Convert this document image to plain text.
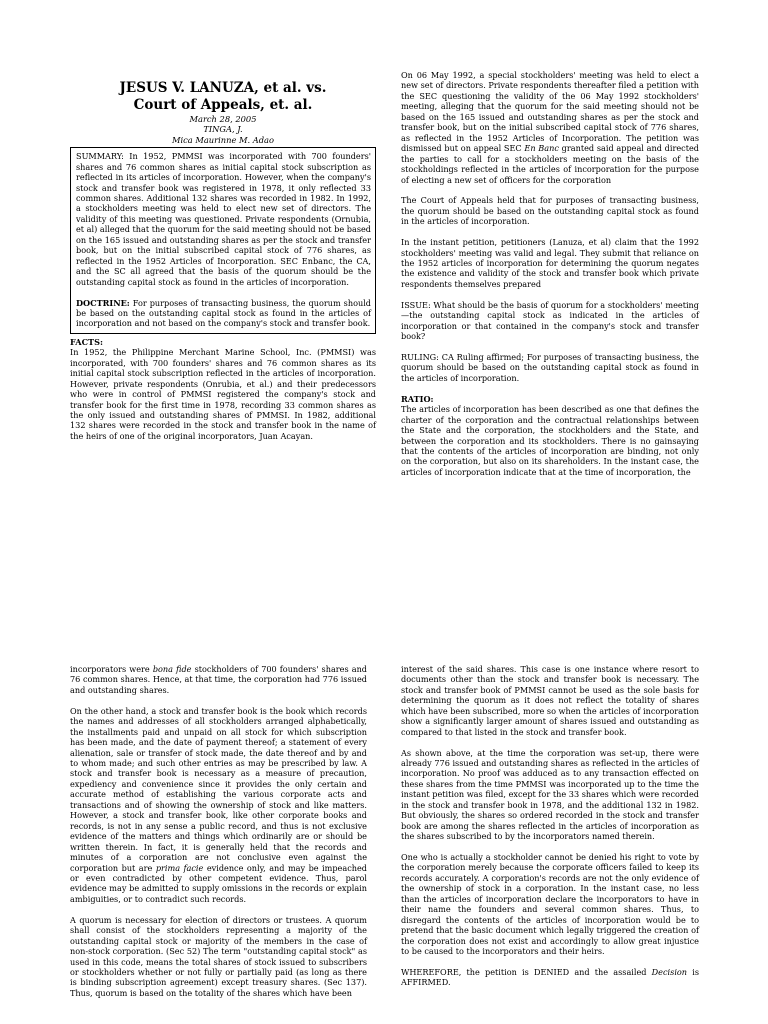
JESUS V. LANUZA, et al. vs.
Court of Appeals, et. al.
March 28, 2005
TINGA, J.
Mica Maurinne M. Adao

SUMMARY: In 1952, PMMSI was incorporated with 700 founders' shares and 76 common shares as initial capital stock subscription as reflected in its articles of incorporation. However, when the company's stock and transfer book was registered in 1978, it only reflected 33 common shares. Additional 132 shares was recorded in 1982. In 1992, a stockholders meeting was held to elect new set of directors. The validity of this meeting was questioned. Private respondents (Ornubia, et al) alleged that the quorum for the said meeting should not be based on the 165 issued and outstanding shares as per the stock and transfer book, but on the initial subscribed capital stock of 776 shares, as reflected in the 1952 Articles of Incorporation. SEC Enbanc, the CA, and the SC all agreed that the basis of the quorum should be the outstanding capital stock as found in the articles of incorporation.

DOCTRINE: For purposes of transacting business, the quorum should be based on the outstanding capital stock as found in the articles of incorporation and not based on the company's stock and transfer book.

FACTS:

In 1952, the Philippine Merchant Marine School, Inc. (PMMSI) was incorporated, with 700 founders' shares and 76 common shares as its initial capital stock subscription reflected in the articles of incorporation. However, private respondents (Onrubia, et al.) and their predecessors who were in control of PMMSI registered the company's stock and transfer book for the first time in 1978, recording 33 common shares as the only issued and outstanding shares of PMMSI. In 1982, additional 132 shares were recorded in the stock and transfer book in the name of the heirs of one of the original incorporators, Juan Acayan.

On 06 May 1992, a special stockholders' meeting was held to elect a new set of directors. Private respondents thereafter filed a petition with the SEC questioning the validity of the 06 May 1992 stockholders' meeting, alleging that the quorum for the said meeting should not be based on the 165 issued and outstanding shares as per the stock and transfer book, but on the initial subscribed capital stock of 776 shares, as reflected in the 1952 Articles of Incorporation. The petition was dismissed but on appeal SEC En Banc granted said appeal and directed the parties to call for a stockholders meeting on the basis of the stockholdings reflected in the articles of incorporation for the purpose of electing a new set of officers for the corporation

The Court of Appeals held that for purposes of transacting business, the quorum should be based on the outstanding capital stock as found in the articles of incorporation.

In the instant petition, petitioners (Lanuza, et al) claim that the 1992 stockholders' meeting was valid and legal. They submit that reliance on the 1952 articles of incorporation for determining the quorum negates the existence and validity of the stock and transfer book which private respondents themselves prepared

ISSUE: What should be the basis of quorum for a stockholders' meeting —the outstanding capital stock as indicated in the articles of incorporation or that contained in the company's stock and transfer book?

RULING: CA Ruling affirmed; For purposes of transacting business, the quorum should be based on the outstanding capital stock as found in the articles of incorporation.

RATIO:

The articles of incorporation has been described as one that defines the charter of the corporation and the contractual relationships between the State and the corporation, the stockholders and the State, and between the corporation and its stockholders. There is no gainsaying that the contents of the articles of incorporation are binding, not only on the corporation, but also on its shareholders. In the instant case, the articles of incorporation indicate that at the time of incorporation, the

incorporators were bona fide stockholders of 700 founders' shares and 76 common shares. Hence, at that time, the corporation had 776 issued and outstanding shares.

On the other hand, a stock and transfer book is the book which records the names and addresses of all stockholders arranged alphabetically, the installments paid and unpaid on all stock for which subscription has been made, and the date of payment thereof; a statement of every alienation, sale or transfer of stock made, the date thereof and by and to whom made; and such other entries as may be prescribed by law. A stock and transfer book is necessary as a measure of precaution, expediency and convenience since it provides the only certain and accurate method of establishing the various corporate acts and transactions and of showing the ownership of stock and like matters. However, a stock and transfer book, like other corporate books and records, is not in any sense a public record, and thus is not exclusive evidence of the matters and things which ordinarily are or should be written therein. In fact, it is generally held that the records and minutes of a corporation are not conclusive even against the corporation but are prima facie evidence only, and may be impeached or even contradicted by other competent evidence. Thus, parol evidence may be admitted to supply omissions in the records or explain ambiguities, or to contradict such records.

A quorum is necessary for election of directors or trustees. A quorum shall consist of the stockholders representing a majority of the outstanding capital stock or majority of the members in the case of non-stock corporation. (Sec 52) The term "outstanding capital stock" as used in this code, means the total shares of stock issued to subscribers or stockholders whether or not fully or partially paid (as long as there is binding subscription agreement) except treasury shares. (Sec 137). Thus, quorum is based on the totality of the shares which have been

interest of the said shares. This case is one instance where resort to documents other than the stock and transfer book is necessary. The stock and transfer book of PMMSI cannot be used as the sole basis for determining the quorum as it does not reflect the totality of shares which have been subscribed, more so when the articles of incorporation show a significantly larger amount of shares issued and outstanding as compared to that listed in the stock and transfer book.

As shown above, at the time the corporation was set-up, there were already 776 issued and outstanding shares as reflected in the articles of incorporation. No proof was adduced as to any transaction effected on these shares from the time PMMSI was incorporated up to the time the instant petition was filed, except for the 33 shares which were recorded in the stock and transfer book in 1978, and the additional 132 in 1982. But obviously, the shares so ordered recorded in the stock and transfer book are among the shares reflected in the articles of incorporation as the shares subscribed to by the incorporators named therein.

One who is actually a stockholder cannot be denied his right to vote by the corporation merely because the corporate officers failed to keep its records accurately. A corporation's records are not the only evidence of the ownership of stock in a corporation. In the instant case, no less than the articles of incorporation declare the incorporators to have in their name the founders and several common shares. Thus, to disregard the contents of the articles of incorporation would be to pretend that the basic document which legally triggered the creation of the corporation does not exist and accordingly to allow great injustice to be caused to the incorporators and their heirs.

WHEREFORE, the petition is DENIED and the assailed Decision is AFFIRMED.
